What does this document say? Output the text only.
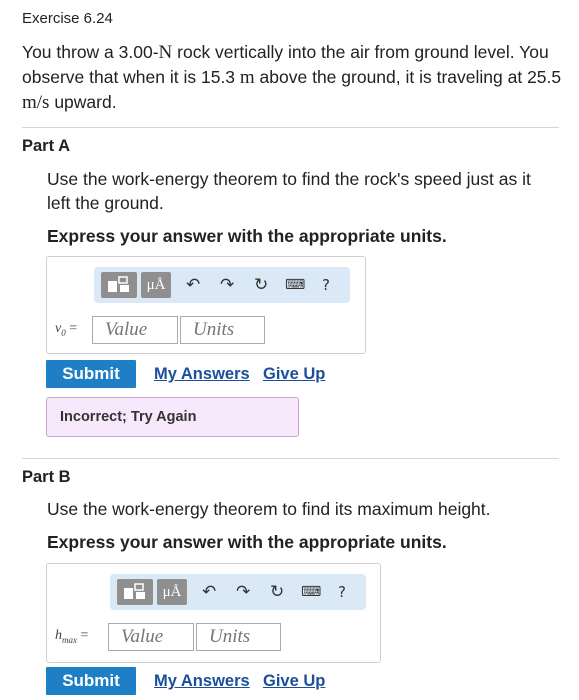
Exercise 6.24
You throw a 3.00-N rock vertically into the air from ground level. You observe that when it is 15.3 m above the ground, it is traveling at 25.5 m/s upward.
Part A
Use the work-energy theorem to find the rock's speed just as it left the ground.
Express your answer with the appropriate units.
μÅ	↶ ↷ ↻ ⌨ ?
$v_0$ =
Value
Units
Submit	My Answers Give Up
Incorrect; Try Again
Part B
Use the work-energy theorem to find its maximum height.
Express your answer with the appropriate units.
μÅ	↶ ↷ ↻ ⌨ ?
$h_{max}$ =
Value
Units
Submit	My Answers Give Up
